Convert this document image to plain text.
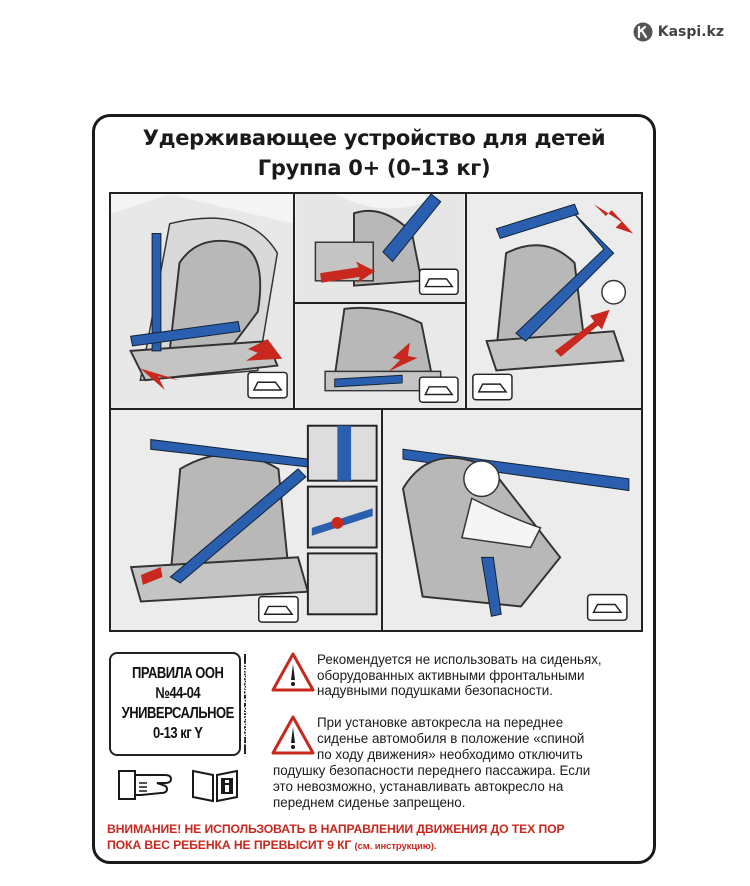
Kaspi.kz
Удерживающее устройство для детей
Группа 0+ (0–13 кг)
ПРАВИЛА ООН
№44-04
УНИВЕРСАЛЬНОЕ
0-13 кг Y	Сделано в России
Рекомендуется не использовать на сиденьях, оборудованных активными фронтальными надувными подушками безопасности.
При установке автокресла на переднее
сиденье автомобиля в положение «спиной
по ходу движения» необходимо отключить
подушку безопасности переднего пассажира. Если
это невозможно, устанавливать автокресло на
переднем сиденье запрещено.
ВНИМАНИЕ! НЕ ИСПОЛЬЗОВАТЬ В НАПРАВЛЕНИИ ДВИЖЕНИЯ ДО ТЕХ ПОР
ПОКА ВЕС РЕБЕНКА НЕ ПРЕВЫСИТ 9 КГ (см. инструкцию).
